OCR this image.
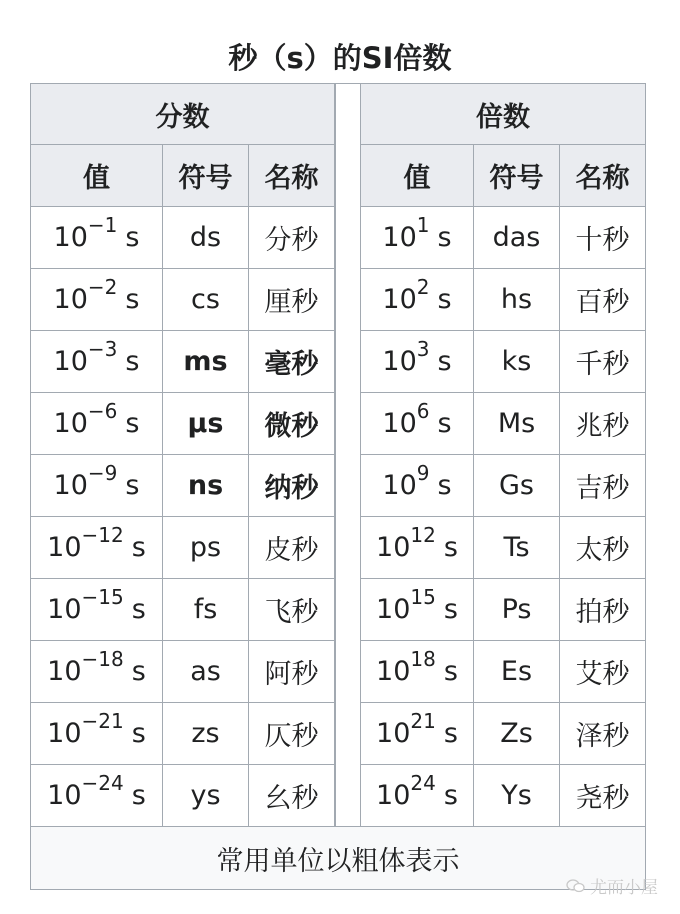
秒（s）的SI倍数
分数	倍数
值	符号	名称	值	符号	名称
$10^{-1}$ s	ds	分秒	$10^1$ s	das	十秒
$10^{-2}$ s	cs	厘秒	$10^2$ s	hs	百秒
$10^{-3}$ s	ms	毫秒	$10^3$ s	ks	千秒
$10^{-6}$ s	μs	微秒	$10^6$ s	Ms	兆秒
$10^{-9}$ s	ns	纳秒	$10^9$ s	Gs	吉秒
$10^{-12}$ s	ps	皮秒	$10^{12}$ s	Ts	太秒
$10^{-15}$ s	fs	飞秒	$10^{15}$ s	Ps	拍秒
$10^{-18}$ s	as	阿秒	$10^{18}$ s	Es	艾秒
$10^{-21}$ s	zs	仄秒	$10^{21}$ s	Zs	泽秒
$10^{-24}$ s	ys	幺秒	$10^{24}$ s	Ys	尧秒
常用单位以粗体表示
尤而小屋
